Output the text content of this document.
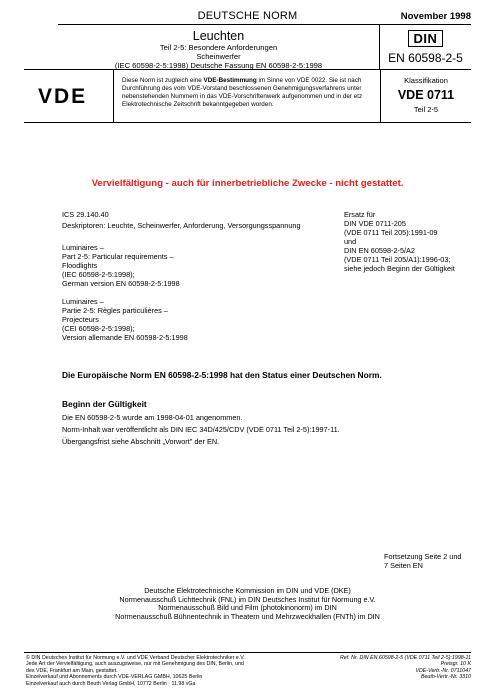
DEUTSCHE NORM	November 1998
Leuchten
Teil 2-5: Besondere Anforderungen
Scheinwerfer
(IEC 60598-2-5:1998) Deutsche Fassung EN 60598-2-5:1998
DIN
EN 60598-2-5
VDE
Diese Norm ist zugleich eine VDE-Bestimmung im Sinne von VDE 0022. Sie ist nach Durchführung des vom VDE-Vorstand beschlossenen Genehmigungsverfahrens unter nebenstehenden Nummern in das VDE-Vorschriftenwerk aufgenommen und in der etz Elektrotechnische Zeitschrift bekanntgegeben worden.
Klassifikation
VDE 0711
Teil 2-5
Vervielfältigung - auch für innerbetriebliche Zwecke - nicht gestattet.
ICS 29.140.40
Deskriptoren: Leuchte, Scheinwerfer, Anforderung, Versorgungsspannung
Luminaires –
Part 2-5: Particular requirements –
Floodlights
(IEC 60598-2-5:1998);
German version EN 60598-2-5:1998
Luminaires –
Partie 2-5: Règles particulières –
Projecteurs
(CEI 60598-2-5:1998);
Version allemande EN 60598-2-5:1998
Ersatz für
DIN VDE 0711-205
(VDE 0711 Teil 205):1991-09
und
DIN EN 60598-2-5/A2
(VDE 0711 Teil 205/A1):1996-03;
siehe jedoch Beginn der Gültigkeit
Die Europäische Norm EN 60598-2-5:1998 hat den Status einer Deutschen Norm.
Beginn der Gültigkeit
Die EN 60598-2-5 wurde am 1998-04-01 angenommen.
Norm-Inhalt war veröffentlicht als DIN IEC 34D/425/CDV (VDE 0711 Teil 2-5):1997-11.
Übergangsfrist siehe Abschnitt „Vorwort" der EN.
Fortsetzung Seite 2 und
7 Seiten EN
Deutsche Elektrotechnische Kommission im DIN und VDE (DKE)
Normenausschuß Lichttechnik (FNL) im DIN Deutsches Institut für Normung e.V.
Normenausschuß Bild und Film (photokinonorm) im DIN
Normenausschuß Bühnentechnik in Theatern und Mehrzweckhallen (FNTh) im DIN
© DIN Deutsches Institut für Normung e.V. und VDE Verband Deutscher Elektrotechniker e.V.
Jede Art der Vervielfältigung, auch auszugsweise, nur mit Genehmigung des DIN, Berlin, und
des VDE, Frankfurt am Main, gestattet.
Einzelverkauf und Abonnements durch VDE-VERLAG GMBH, 10625 Berlin
Einzelverkauf auch durch Beuth Verlag GmbH, 10772 Berlin · 11.98 vGa
Ref. Nr. DIN EN 60598-2-5 (VDE 0711 Teil 2-5):1998-11
Preisgr. 10 K
VDE-Vertr.-Nr. 0711047
Beuth-Vertr.-Nr. 3310
